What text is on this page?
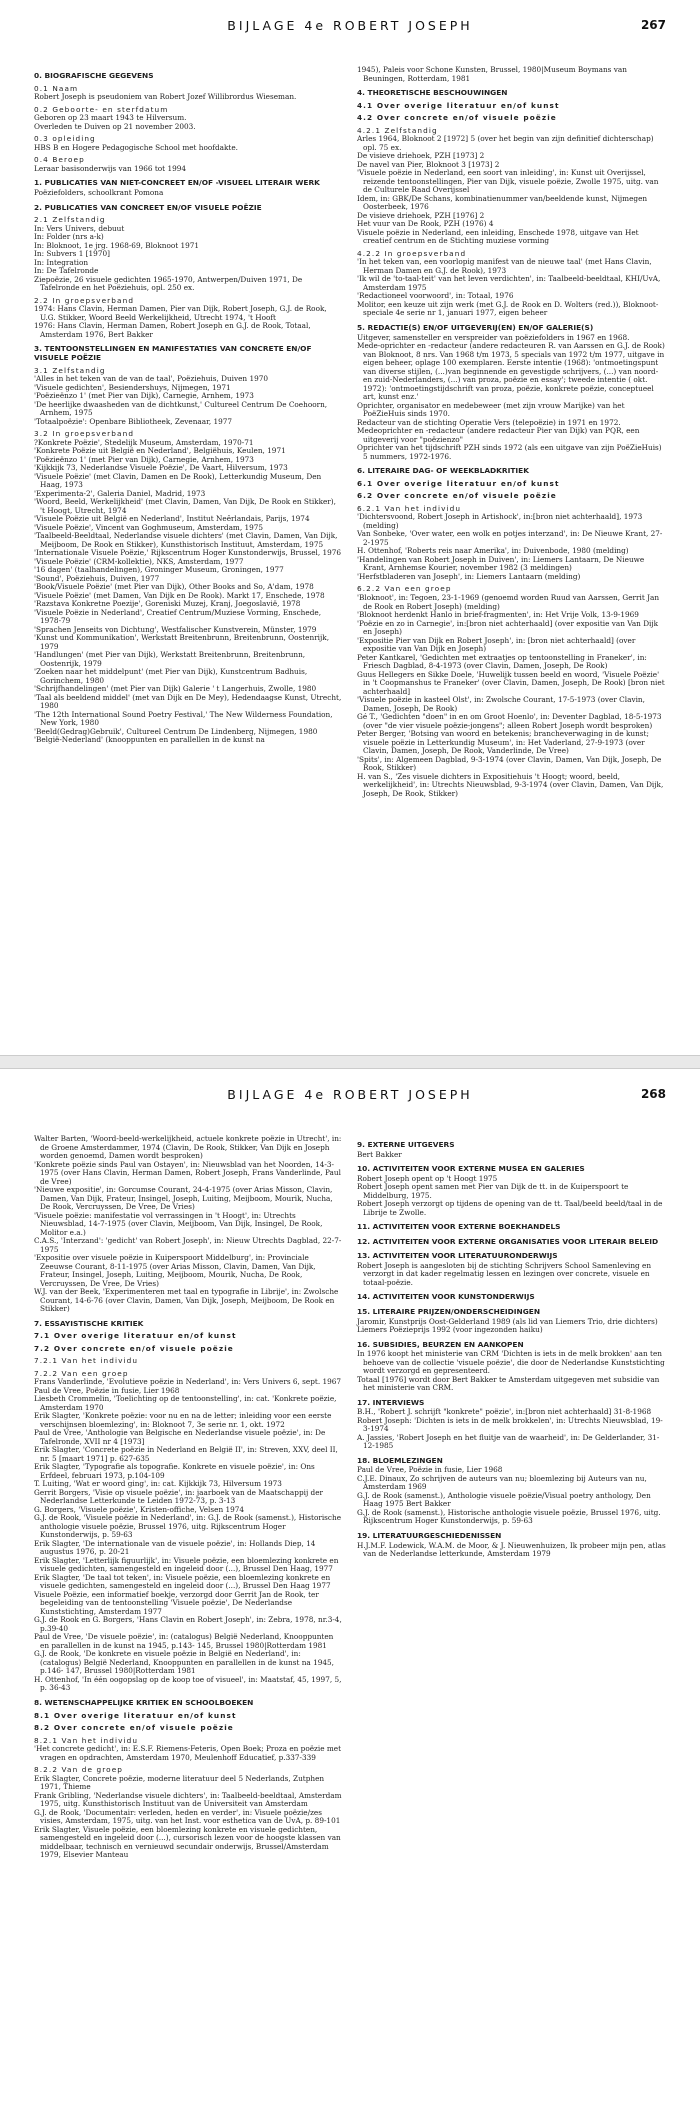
BIJLAGE 4e ROBERT JOSEPH	267
0. BIOGRAFISCHE GEGEVENS
0.1 Naam

Robert Joseph is pseudoniem van Robert Jozef Willibrordus Wieseman.

0.2 Geboorte- en sterfdatum

Geboren op 23 maart 1943 te Hilversum.

Overleden te Duiven op 21 november 2003.

0.3 opleiding

HBS B en Hogere Pedagogische School met hoofdakte.

0.4 Beroep

Leraar basisonderwijs van 1966 tot 1994

1. PUBLICATIES VAN NIET-CONCREET EN/OF -VISUEEL LITERAIR WERK

Poëziefolders, schoolkrant Pomona

2. PUBLICATIES VAN CONCREET EN/OF VISUELE POËZIE
2.1 Zelfstandig

In: Vers Univers, debuut

In: Folder (nrs a-k)

In: Bloknoot, 1e jrg. 1968-69, Bloknoot 1971

In: Subvers 1 [1970]

In: Integration

In: De Tafelronde

Ziepoëzie, 26 visuele gedichten 1965-1970, Antwerpen/Duiven 1971, De Tafelronde en het Poëziehuis, opl. 250 ex.

2.2 In groepsverband

1974: Hans Clavin, Herman Damen, Pier van Dijk, Robert Joseph, G.J. de Rook, U.G. Stikker, Woord Beeld Werkelijkheid, Utrecht 1974, 't Hooft

1976: Hans Clavin, Herman Damen, Robert Joseph en G.J. de Rook, Totaal, Amsterdam 1976, Bert Bakker

3. TENTOONSTELLINGEN EN MANIFESTATIES VAN CONCRETE EN/OF VISUELE POËZIE
3.1 Zelfstandig

'Alles in het teken van de van de taal', Poëziehuis, Duiven 1970

'Visuele gedichten', Besiendershuys, Nijmegen, 1971

'Poëzieënzo 1' (met Pier van Dijk), Carnegie, Arnhem, 1973

'De heerlijke dwaasheden van de dichtkunst,' Cultureel Centrum De Coehoorn, Arnhem, 1975

'Totaalpoëzie': Openbare Bibliotheek, Zevenaar, 1977

3.2 In groepsverband

?Konkrete Poëzie', Stedelijk Museum, Amsterdam, 1970-71

'Konkrete Poëzie uit België en Nederland', Belgiëhuis, Keulen, 1971

'Poëzieënzo 1' (met Pier van Dijk), Carnegie, Arnhem, 1973

'Kijkkijk 73, Nederlandse Visuele Poëzie', De Vaart, Hilversum, 1973

'Visuele Poëzie' (met Clavin, Damen en De Rook), Letterkundig Museum, Den Haag, 1973

'Experimenta-2', Galeria Daniel, Madrid, 1973

'Woord, Beeld, Werkelijkheid' (met Clavin, Damen, Van Dijk, De Rook en Stikker), 't Hoogt, Utrecht, 1974

'Visuele Poëzie uit België en Nederland', Institut Neêrlandais, Parijs, 1974

'Visuele Poëzie', Vincent van Goghmuseum, Amsterdam, 1975

'Taalbeeld-Beeldtaal, Nederlandse visuele dichters' (met Clavin, Damen, Van Dijk, Meijboom, De Rook en Stikker), Kunsthistorisch Instituut, Amsterdam, 1975

'Internationale Visuele Poëzie,' Rijkscentrum Hoger Kunstonderwijs, Brussel, 1976

'Visuele Poëzie' (CRM-kollektie), NKS, Amsterdam, 1977

'16 dagen' (taalhandelingen), Groninger Museum, Groningen, 1977

'Sound', Poëziehuis, Duiven, 1977

'Book/Visuele Poëzie' (met Pier van Dijk), Other Books and So, A'dam, 1978

'Visuele Poëzie' (met Damen, Van Dijk en De Rook). Markt 17, Enschede, 1978

'Razstava Konkretne Poezije', Goreniski Muzej, Kranj, Joegoslavië, 1978

'Visuele Poëzie in Nederland', Creatief Centrum/Muziese Vorming, Enschede, 1978-79

'Sprachen Jenseits von Dichtung', Westfalischer Kunstverein, Münster, 1979

'Kunst und Kommunikation', Werkstatt Breitenbrunn, Breitenbrunn, Oostenrijk, 1979

'Handlungen' (met Pier van Dijk), Werkstatt Breitenbrunn, Breitenbrunn, Oostenrijk, 1979

'Zoeken naar het middelpunt' (met Pier van Dijk), Kunstcentrum Badhuis, Gorinchem, 1980

'Schrijfhandelingen' (met Pier van Dijk) Galerie ' t Langerhuis, Zwolle, 1980

'Taal als beeldend middel' (met van Dijk en De Mey), Hedendaagse Kunst, Utrecht, 1980

'The 12th International Sound Poetry Festival,' The New Wilderness Foundation, New York, 1980

'Beeld(Gedrag)Gebruik', Cultureel Centrum De Lindenberg, Nijmegen, 1980

'België-Nederland' (knooppunten en parallellen in de kunst na

1945), Paleis voor Schone Kunsten, Brussel, 1980|Museum Boymans van Beuningen, Rotterdam, 1981

4. THEORETISCHE BESCHOUWINGEN
4.1 Over overige literatuur en/of kunst
4.2 Over concrete en/of visuele poëzie
4.2.1 Zelfstandig

Arles 1964, Bloknoot 2 [1972] 5 (over het begin van zijn definitief dichterschap) opl. 75 ex.

De visieve driehoek, PZH [1973] 2

De navel van Pier, Bloknoot 3 [1973] 2

'Visuele poëzie in Nederland, een soort van inleiding', in: Kunst uit Overijssel, reizende tentoonstellingen, Pier van Dijk, visuele poëzie, Zwolle 1975, uitg. van de Culturele Raad Overijssel

Idem, in: GBK/De Schans, kombinatienummer van/beeldende kunst, Nijmegen Oosterbeek, 1976

De visieve driehoek, PZH [1976] 2

Het vuur van De Rook, PZH (1976) 4

Visuele poëzie in Nederland, een inleiding, Enschede 1978, uitgave van Het creatief centrum en de Stichting muziese vorming

4.2.2 In groepsverband

'In het teken van, een voorlopig manifest van de nieuwe taal' (met Hans Clavin, Herman Damen en G.J. de Rook), 1973

'Ik wil de 'to-taal-teit' van het leven verdichten', in: Taalbeeld-beeldtaal, KHI/UvA, Amsterdam 1975

'Redactioneel voorwoord', in: Totaal, 1976

Molitor, een keuze uit zijn werk (met G.J. de Rook en D. Wolters (red.)), Bloknoot-speciale 4e serie nr 1, januari 1977, eigen beheer

5. REDACTIE(S) EN/OF UITGEVERIJ(EN) EN/OF GALERIE(S)

Uitgever, samensteller en verspreider van poëziefolders in 1967 en 1968.

Mede-oprichter en -redacteur (andere redacteuren R. van Aarssen en G.J. de Rook) van Bloknoot, 8 nrs. Van 1968 t/m 1973, 5 specials van 1972 t/m 1977, uitgave in eigen beheer, oplage 100 exemplaren. Eerste intentie (1968): 'ontmoetingspunt van diverse stijlen, (...)van beginnende en gevestigde schrijvers, (...) van noord- en zuid-Nederlanders, (...) van proza, poëzie en essay'; tweede intentie ( okt. 1972): 'ontmoetingstijdschrift van proza, poëzie, konkrete poëzie, conceptueel art, kunst enz.'

Oprichter, organisator en medebeweer (met zijn vrouw Marijke) van het PoëZieHuis sinds 1970.

Redacteur van de stichting Operatie Vers (telepoëzie) in 1971 en 1972.

Medeoprichter en -redacteur (andere redacteur Pier van Dijk) van PQR, een uitgeverij voor "poëzienzo"

Oprichter van het tijdschrift PZH sinds 1972 (als een uitgave van zijn PoëZieHuis) 5 nummers, 1972-1976.

6. LITERAIRE DAG- OF WEEKBLADKRITIEK
6.1 Over overige literatuur en/of kunst
6.2 Over concrete en/of visuele poëzie
6.2.1 Van het individu

'Dichtersvoond, Robert Joseph in Artishock', in:[bron niet achterhaald], 1973 (melding)

Van Sonbeke, 'Over water, een wolk en potjes interzand', in: De Nieuwe Krant, 27-2-1975

H. Ottenhof, 'Roberts reis naar Amerika', in: Duivenbode, 1980 (melding)

'Handelingen van Robert Joseph in Duiven', in: Liemers Lantaarn, De Nieuwe Krant, Arnhemse Kourier, november 1982 (3 meldingen)

'Herfstbladeren van Joseph', in: Liemers Lantaarn (melding)

6.2.2 Van een groep

'Bloknoot', in: Tegoen, 23-1-1969 (genoemd worden Ruud van Aarssen, Gerrit Jan de Rook en Robert Joseph) (melding)

'Bloknoot herdenkt Hanlo in brief-fragmenten', in: Het Vrije Volk, 13-9-1969

'Poëzie en zo in Carnegie', in:[bron niet achterhaald] (over expositie van Van Dijk en Joseph)

'Expositie Pier van Dijk en Robert Joseph', in: [bron niet achterhaald] (over expositie van Van Dijk en Joseph)

Peter Kantkarel, 'Gedichten met extraatjes op tentoonstelling in Franeker', in: Friesch Dagblad, 8-4-1973 (over Clavin, Damen, Joseph, De Rook)

Guus Hellegers en Sikke Doele, 'Huwelijk tussen beeld en woord, 'Visuele Poëzie' in 't Coopmanshus te Franeker' (over Clavin, Damen, Joseph, De Rook) [bron niet achterhaald]

'Visuele poëzie in kasteel Olst', in: Zwolsche Courant, 17-5-1973 (over Clavin, Damen, Joseph, De Rook)

Gé T., 'Gedichten "doen" in en om Groot Hoenlo', in: Deventer Dagblad, 18-5-1973 (over "de vier visuele poëzie-jongens"; alleen Robert Joseph wordt besproken)

Peter Berger, 'Botsing van woord en betekenis; brancheverwaging in de kunst; visuele poëzie in Letterkundig Museum', in: Het Vaderland, 27-9-1973 (over Clavin, Damen, Joseph, De Rook, Vanderlinde, De Vree)

'Spits', in: Algemeen Dagblad, 9-3-1974 (over Clavin, Damen, Van Dijk, Joseph, De Rook, Stikker)

H. van S., 'Zes visuele dichters in Expositiehuis 't Hoogt; woord, beeld, werkelijkheid', in: Utrechts Nieuwsblad, 9-3-1974 (over Clavin, Damen, Van Dijk, Joseph, De Rook, Stikker)

BIJLAGE 4e ROBERT JOSEPH	268

Walter Barten, 'Woord-beeld-werkelijkheid, actuele konkrete poëzie in Utrecht', in: de Groene Amsterdammer, 1974 (Clavin, De Rook, Stikker, Van Dijk en Joseph worden genoemd, Damen wordt besproken)

'Konkrete poëzie sinds Paul van Ostayen', in: Nieuwsblad van het Noorden, 14-3-1975 (over Hans Clavin, Herman Damen, Robert Joseph, Frans Vanderlinde, Paul de Vree)

'Nieuwe expositie', in: Gorcumse Courant, 24-4-1975 (over Arias Misson, Clavin, Damen, Van Dijk, Frateur, Insingel, Joseph, Luiting, Meijboom, Mourik, Nucha, De Rook, Vercruyssen, De Vree, De Vries)

'Visuele poëzie: manifestatie vol verrassingen in 't Hoogt', in: Utrechts Nieuwsblad, 14-7-1975 (over Clavin, Meijboom, Van Dijk, Insingel, De Rook, Molitor e.a.)

C.A.S., 'Interzand': 'gedicht' van Robert Joseph', in: Nieuw Utrechts Dagblad, 22-7-1975

'Expositie over visuele poëzie in Kuiperspoort Middelburg', in: Provinciale Zeeuwse Courant, 8-11-1975 (over Arias Misson, Clavin, Damen, Van Dijk, Frateur, Insingel, Joseph, Luiting, Meijboom, Mourik, Nucha, De Rook, Vercruyssen, De Vree, De Vries)

W.J. van der Beek, 'Experimenteren met taal en typografie in Librije', in: Zwolsche Courant, 14-6-76 (over Clavin, Damen, Van Dijk, Joseph, Meijboom, De Rook en Stikker)

7. ESSAYISTISCHE KRITIEK
7.1 Over overige literatuur en/of kunst
7.2 Over concrete en/of visuele poëzie
7.2.1 Van het individu
7.2.2 Van een groep

Frans Vanderlinde, 'Evolutieve poëzie in Nederland', in: Vers Univers 6, sept. 1967

Paul de Vree, Poëzie in fusie, Lier 1968

Liesbeth Crommelin, 'Toelichting op de tentoonstelling', in: cat. 'Konkrete poëzie, Amsterdam 1970

Erik Slagter, 'Konkrete poëzie: voor nu en na de letter; inleiding voor een eerste verschijnsen bloemlezing', in: Bloknoot 7, 3e serie nr. 1, okt. 1972

Paul de Vree, 'Anthologie van Belgische en Nederlandse visuele poëzie', in: De Tafelronde, XVII nr 4 [1973]

Erik Slagter, 'Concrete poëzie in Nederland en België II', in: Streven, XXV, deel II, nr. 5 [maart 1971] p. 627-635

Erik Slagter, 'Typografie als topografie. Konkrete en visuele poëzie', in: Ons Erfdeel, februari 1973, p.104-109

T. Luiting, 'Wat er woord ging', in: cat. Kijkkijk 73, Hilversum 1973

Gerrit Borgers, 'Visie op visuele poëzie', in: jaarboek van de Maatschappij der Nederlandse Letterkunde te Leiden 1972-73, p. 3-13

G. Borgers, 'Visuele poëzie', Kristen-offiche, Velsen 1974

G.J. de Rook, 'Visuele poëzie in Nederland', in: G.J. de Rook (samenst.), Historische anthologie visuele poëzie, Brussel 1976, uitg. Rijkscentrum Hoger Kunstonderwijs, p. 59-63

Erik Slagter, 'De internationale van de visuele poëzie', in: Hollands Diep, 14 augustus 1976, p. 20-21

Erik Slagter, 'Letterlijk figuurlijk', in: Visuele poëzie, een bloemlezing konkrete en visuele gedichten, samengesteld en ingeleid door (...), Brussel Den Haag, 1977

Erik Slagter, 'De taal tot teken', in: Visuele poëzie, een bloemlezing konkrete en visuele gedichten, samengesteld en ingeleid door (...), Brussel Den Haag 1977

Visuele Poëzie, een informatief boekje, verzorgd door Gerrit Jan de Rook, ter begeleiding van de tentoonstelling 'Visuele poëzie', De Nederlandse Kunststichting, Amsterdam 1977

G.J. de Rook en G. Borgers, 'Hans Clavin en Robert Joseph', in: Zebra, 1978, nr.3-4, p.39-40

Paul de Vree, 'De visuele poëzie', in: (catalogus) België Nederland, Knooppunten en parallellen in de kunst na 1945, p.143- 145, Brussel 1980|Rotterdam 1981

G.J. de Rook, 'De konkrete en visuele poëzie in België en Nederland', in: (catalogus) België Nederland, Knooppunten en parallellen in de kunst na 1945, p.146- 147, Brussel 1980|Rotterdam 1981

H. Ottenhof, 'In één oogopslag op de koop toe of visueel', in: Maatstaf, 45, 1997, 5, p. 36-43

8. WETENSCHAPPELIJKE KRITIEK EN SCHOOLBOEKEN
8.1 Over overige literatuur en/of kunst
8.2 Over concrete en/of visuele poëzie
8.2.1 Van het individu

'Het concrete gedicht', in: E.S.F. Riemens-Feteris, Open Boek; Proza en poëzie met vragen en opdrachten, Amsterdam 1970, Meulenhoff Educatief, p.337-339

8.2.2 Van de groep

Erik Slagter, Concrete poëzie, moderne literatuur deel 5 Nederlands, Zutphen 1971, Thieme

Frank Gribling, 'Nederlandse visuele dichters', in: Taalbeeld-beeldtaal, Amsterdam 1975, uitg. Kunsthistorisch Instituut van de Universiteit van Amsterdam

G.J. de Rook, 'Documentair: verleden, heden en verder', in: Visuele poëzie/zes visies, Amsterdam, 1975, uitg. van het Inst. voor esthetica van de UvA, p. 89-101

Erik Slagter, Visuele poëzie, een bloemlezing konkrete en visuele gedichten, samengesteld en ingeleid door (...), cursorisch lezen voor de hoogste klassen van middelbaar, technisch en vernieuwd secundair onderwijs, Brussel/Amsterdam 1979, Elsevier Manteau

9. EXTERNE UITGEVERS

Bert Bakker

10. ACTIVITEITEN VOOR EXTERNE MUSEA EN GALERIES

Robert Joseph opent op 't Hoogt 1975

Robert Joseph opent samen met Pier van Dijk de tt. in de Kuiperspoort te Middelburg, 1975.

Robert Joseph verzorgt op tijdens de opening van de tt. Taal/beeld beeld/taal in de Librije te Zwolle.

11. ACTIVITEITEN VOOR EXTERNE BOEKHANDELS
12. ACTIVITEITEN VOOR EXTERNE ORGANISATIES VOOR LITERAIR BELEID
13. ACTIVITEITEN VOOR LITERATUURONDERWIJS

Robert Joseph is aangesloten bij de stichting Schrijvers School Samenleving en verzorgt in dat kader regelmatig lessen en lezingen over concrete, visuele en totaal-poëzie.

14. ACTIVITEITEN VOOR KUNSTONDERWIJS
15. LITERAIRE PRIJZEN/ONDERSCHEIDINGEN

Jaromir, Kunstprijs Oost-Gelderland 1989 (als lid van Liemers Trio, drie dichters)

Liemers Poëzieprijs 1992 (voor ingezonden haiku)

16. SUBSIDIES, BEURZEN EN AANKOPEN

In 1976 koopt het ministerie van CRM 'Dichten is iets in de melk brokken' aan ten behoeve van de collectie 'visuele poëzie', die door de Nederlandse Kunststichting wordt verzorgd en gepresenteerd.

Totaal [1976] wordt door Bert Bakker te Amsterdam uitgegeven met subsidie van het ministerie van CRM.

17. INTERVIEWS

B.H., 'Robert J. schrijft "konkrete" poëzie', in:[bron niet achterhaald] 31-8-1968

Robert Joseph: 'Dichten is iets in de melk brokkelen', in: Utrechts Nieuwsblad, 19-3-1974

A. Jassies, 'Robert Joseph en het fluitje van de waarheid', in: De Gelderlander, 31-12-1985

18. BLOEMLEZINGEN

Paul de Vree, Poëzie in fusie, Lier 1968

C.J.E. Dinaux, Zo schrijven de auteurs van nu; bloemlezing bij Auteurs van nu, Amsterdam 1969

G.J. de Rook (samenst.), Anthologie visuele poëzie/Visual poetry anthology, Den Haag 1975 Bert Bakker

G.J. de Rook (samenst.), Historische anthologie visuele poëzie, Brussel 1976, uitg. Rijkscentrum Hoger Kunstonderwijs, p. 59-63

19. LITERATUURGESCHIEDENISSEN

H.J.M.F. Lodewick, W.A.M. de Moor, & J. Nieuwenhuizen, Ik probeer mijn pen, atlas van de Nederlandse letterkunde, Amsterdam 1979
